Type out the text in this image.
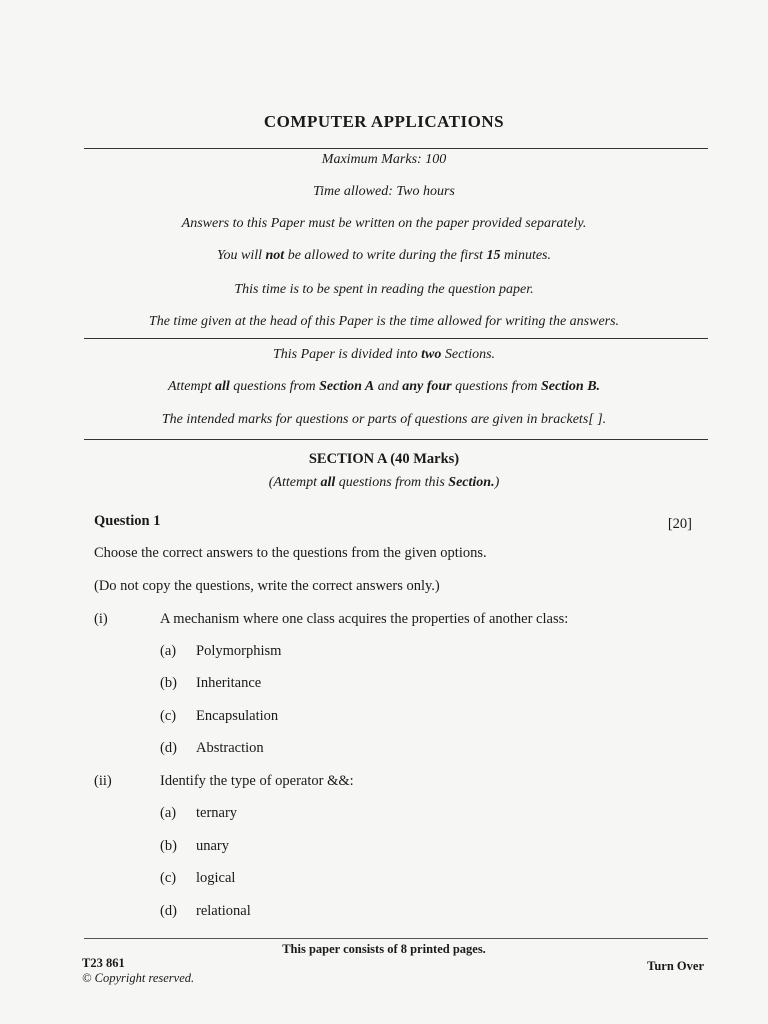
COMPUTER APPLICATIONS
Maximum Marks: 100
Time allowed: Two hours
Answers to this Paper must be written on the paper provided separately.
You will not be allowed to write during the first 15 minutes.
This time is to be spent in reading the question paper.
The time given at the head of this Paper is the time allowed for writing the answers.
This Paper is divided into two Sections.
Attempt all questions from Section A and any four questions from Section B.
The intended marks for questions or parts of questions are given in brackets[ ].
SECTION A (40 Marks)
(Attempt all questions from this Section.)
Question 1	[20]
Choose the correct answers to the questions from the given options.
(Do not copy the questions, write the correct answers only.)
(i)	A mechanism where one class acquires the properties of another class:
(a)	Polymorphism
(b)	Inheritance
(c)	Encapsulation
(d)	Abstraction
(ii)	Identify the type of operator &&:
(a)	ternary
(b)	unary
(c)	logical
(d)	relational
This paper consists of 8 printed pages.
T23 861	Turn Over
© Copyright reserved.
